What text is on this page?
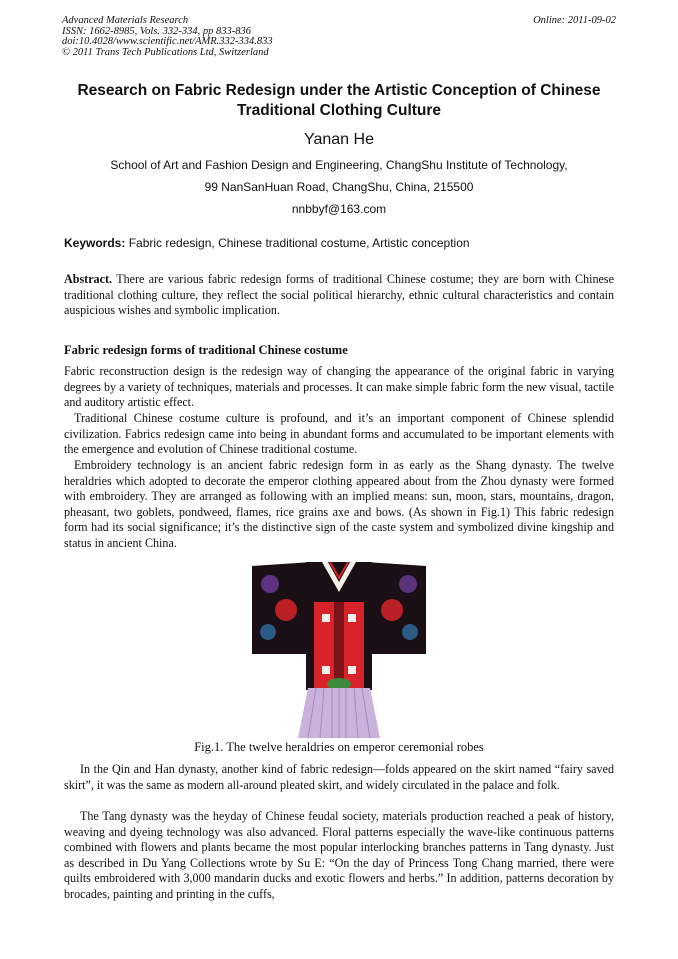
Advanced Materials Research
ISSN: 1662-8985, Vols. 332-334, pp 833-836
doi:10.4028/www.scientific.net/AMR.332-334.833
© 2011 Trans Tech Publications Ltd, Switzerland
Online: 2011-09-02
Research on Fabric Redesign under the Artistic Conception of Chinese Traditional Clothing Culture
Yanan He
School of Art and Fashion Design and Engineering, ChangShu Institute of Technology,
99 NanSanHuan Road, ChangShu, China, 215500
nnbbyf@163.com
Keywords: Fabric redesign, Chinese traditional costume, Artistic conception
Abstract. There are various fabric redesign forms of traditional Chinese costume; they are born with Chinese traditional clothing culture, they reflect the social political hierarchy, ethnic cultural characteristics and contain auspicious wishes and symbolic implication.
Fabric redesign forms of traditional Chinese costume
Fabric reconstruction design is the redesign way of changing the appearance of the original fabric in varying degrees by a variety of techniques, materials and processes. It can make simple fabric form the new visual, tactile and auditory artistic effect.
Traditional Chinese costume culture is profound, and it’s an important component of Chinese splendid civilization. Fabrics redesign came into being in abundant forms and accumulated to be important elements with the emergence and evolution of Chinese traditional costume.
Embroidery technology is an ancient fabric redesign form in as early as the Shang dynasty. The twelve heraldries which adopted to decorate the emperor clothing appeared about from the Zhou dynasty were formed with embroidery. They are arranged as following with an implied means: sun, moon, stars, mountains, dragon, pheasant, two goblets, pondweed, flames, rice grains axe and bows. (As shown in Fig.1) This fabric redesign form had its social significance; it’s the distinctive sign of the caste system and symbolized divine kingship and status in ancient China.
Fig.1. The twelve heraldries on emperor ceremonial robes
In the Qin and Han dynasty, another kind of fabric redesign—folds appeared on the skirt named “fairy saved skirt”, it was the same as modern all-around pleated skirt, and widely circulated in the palace and folk.
The Tang dynasty was the heyday of Chinese feudal society, materials production reached a peak of history, weaving and dyeing technology was also advanced. Floral patterns especially the wave-like continuous patterns combined with flowers and plants became the most popular interlocking branches patterns in Tang dynasty. Just as described in Du Yang Collections wrote by Su E: “On the day of Princess Tong Chang married, there were quilts embroidered with 3,000 mandarin ducks and exotic flowers and herbs.” In addition, patterns decoration by brocades, painting and printing in the cuffs,
